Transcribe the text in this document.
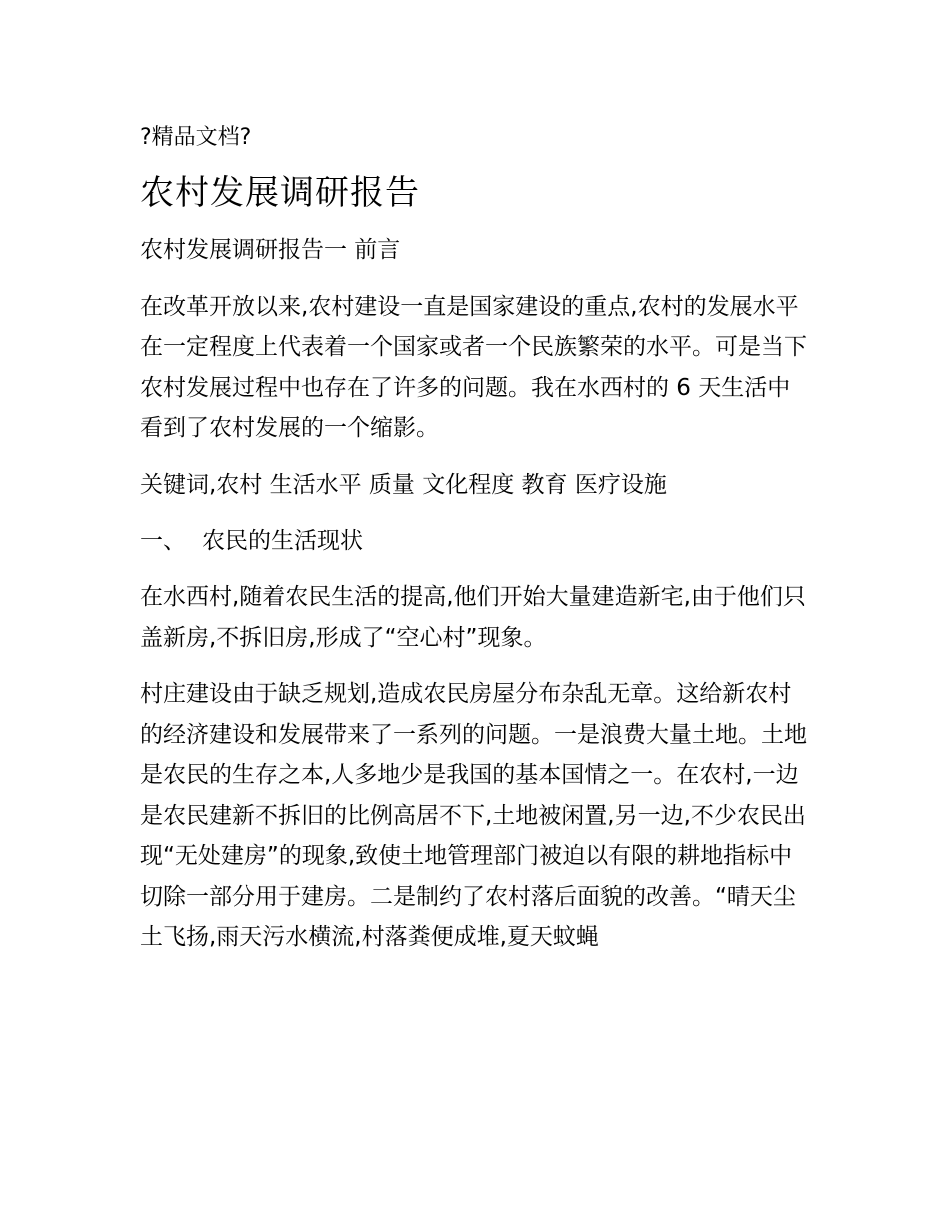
?精品文档?
农村发展调研报告

农村发展调研报告一 前言

在改革开放以来,农村建设一直是国家建设的重点,农村的发展水平在一定程度上代表着一个国家或者一个民族繁荣的水平。可是当下农村发展过程中也存在了许多的问题。我在水西村的 6 天生活中看到了农村发展的一个缩影。

关键词,农村 生活水平 质量 文化程度 教育 医疗设施

一、 农民的生活现状

在水西村,随着农民生活的提高,他们开始大量建造新宅,由于他们只盖新房,不拆旧房,形成了“空心村”现象。

村庄建设由于缺乏规划,造成农民房屋分布杂乱无章。这给新农村的经济建设和发展带来了一系列的问题。一是浪费大量土地。土地是农民的生存之本,人多地少是我国的基本国情之一。在农村,一边是农民建新不拆旧的比例高居不下,土地被闲置,另一边,不少农民出现“无处建房”的现象,致使土地管理部门被迫以有限的耕地指标中切除一部分用于建房。二是制约了农村落后面貌的改善。“晴天尘土飞扬,雨天污水横流,村落粪便成堆,夏天蚊蝇
